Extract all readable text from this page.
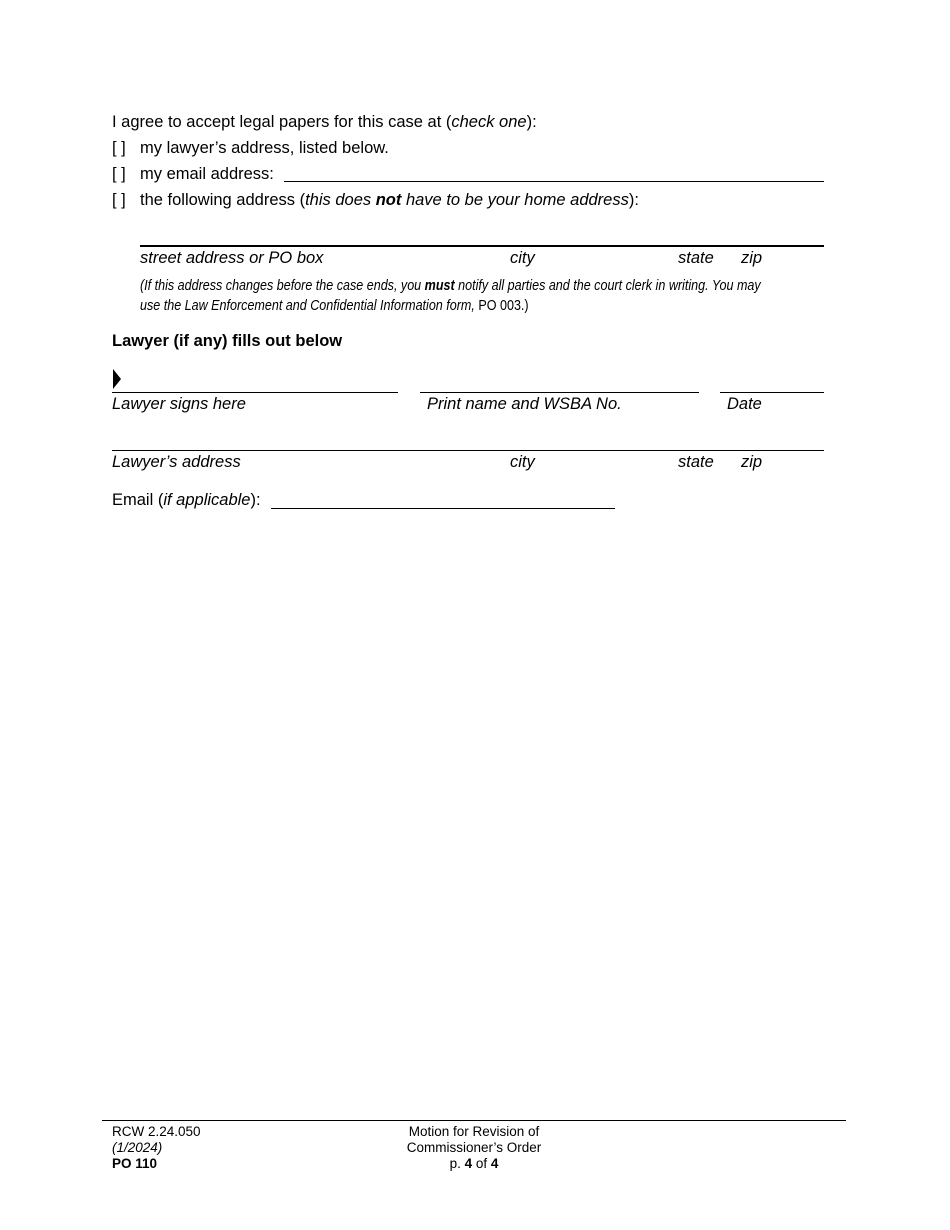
I agree to accept legal papers for this case at (check one):
[ ] my lawyer’s address, listed below.
[ ] my email address:
[ ] the following address (this does not have to be your home address):
street address or PO box	city	state zip
(If this address changes before the case ends, you must notify all parties and the court clerk in writing. You may
use the Law Enforcement and Confidential Information form, PO 003.)
Lawyer (if any) fills out below
Lawyer signs here	Print name and WSBA No.	Date
Lawyer’s address	city	state zip
Email (if applicable):
RCW 2.24.050
(1/2024)
PO 110
Motion for Revision of
Commissioner’s Order
p. 4 of 4
